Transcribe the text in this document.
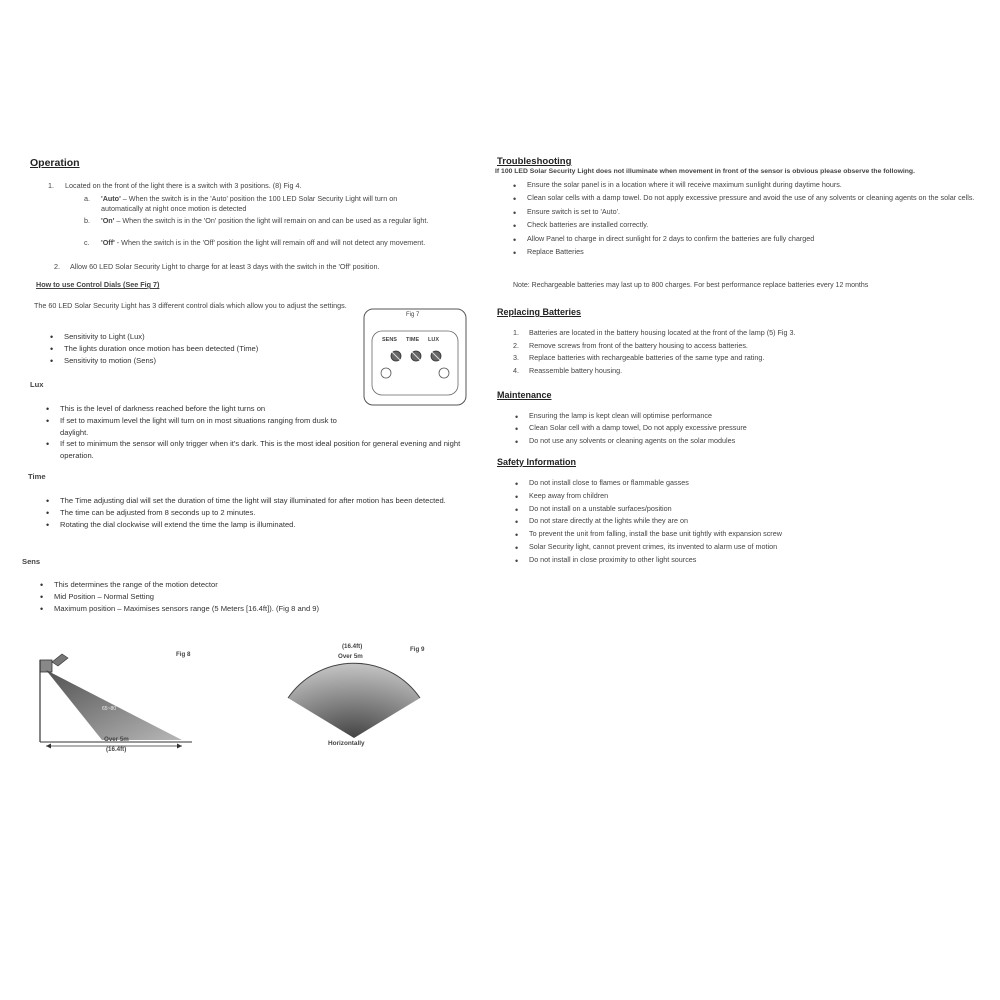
Operation
1. Located on the front of the light there is a switch with 3 positions. (8) Fig 4.
a. 'Auto' – When the switch is in the 'Auto' position the 100 LED Solar Security Light will turn on automatically at night once motion is detected
b. 'On' – When the switch is in the 'On' position the light will remain on and can be used as a regular light.
c. 'Off' - When the switch is in the 'Off' position the light will remain off and will not detect any movement.
2. Allow 60 LED Solar Security Light to charge for at least 3 days with the switch in the 'Off' position.
How to use Control Dials (See Fig 7)
The 60 LED Solar Security Light has 3 different control dials which allow you to adjust the settings.
• Sensitivity to Light (Lux)
• The lights duration once motion has been detected (Time)
• Sensitivity to motion (Sens)
Fig 7
SENS TIME LUX
Lux
• This is the level of darkness reached before the light turns on
• If set to maximum level the light will turn on in most situations ranging from dusk to daylight.
• If set to minimum the sensor will only trigger when it's dark. This is the most ideal position for general evening and night operation.
Time
• The Time adjusting dial will set the duration of time the light will stay illuminated for after motion has been detected.
• The time can be adjusted from 8 seconds up to 2 minutes.
• Rotating the dial clockwise will extend the time the lamp is illuminated.
Sens
• This determines the range of the motion detector
• Mid Position – Normal Setting
• Maximum position – Maximises sensors range (5 Meters [16.4ft]). (Fig 8 and 9)
Fig 8
65~80
Over 5m
(16.4ft)
(16.4ft)
Over 5m
Fig 9
Horizontally
Troubleshooting
If 100 LED Solar Security Light does not illuminate when movement in front of the sensor is obvious please observe the following.
• Ensure the solar panel is in a location where it will receive maximum sunlight during daytime hours.
• Clean solar cells with a damp towel. Do not apply excessive pressure and avoid the use of any solvents or cleaning agents on the solar cells.
• Ensure switch is set to 'Auto'.
• Check batteries are installed correctly.
• Allow Panel to charge in direct sunlight for 2 days to confirm the batteries are fully charged
• Replace Batteries
Note: Rechargeable batteries may last up to 800 charges. For best performance replace batteries every 12 months
Replacing Batteries
1. Batteries are located in the battery housing located at the front of the lamp (5) Fig 3.
2. Remove screws from front of the battery housing to access batteries.
3. Replace batteries with rechargeable batteries of the same type and rating.
4. Reassemble battery housing.
Maintenance
• Ensuring the lamp is kept clean will optimise performance
• Clean Solar cell with a damp towel, Do not apply excessive pressure
• Do not use any solvents or cleaning agents on the solar modules
Safety Information
• Do not install close to flames or flammable gasses
• Keep away from children
• Do not install on a unstable surfaces/position
• Do not stare directly at the lights while they are on
• To prevent the unit from falling, install the base unit tightly with expansion screw
• Solar Security light, cannot prevent crimes, its invented to alarm use of motion
• Do not install in close proximity to other light sources
